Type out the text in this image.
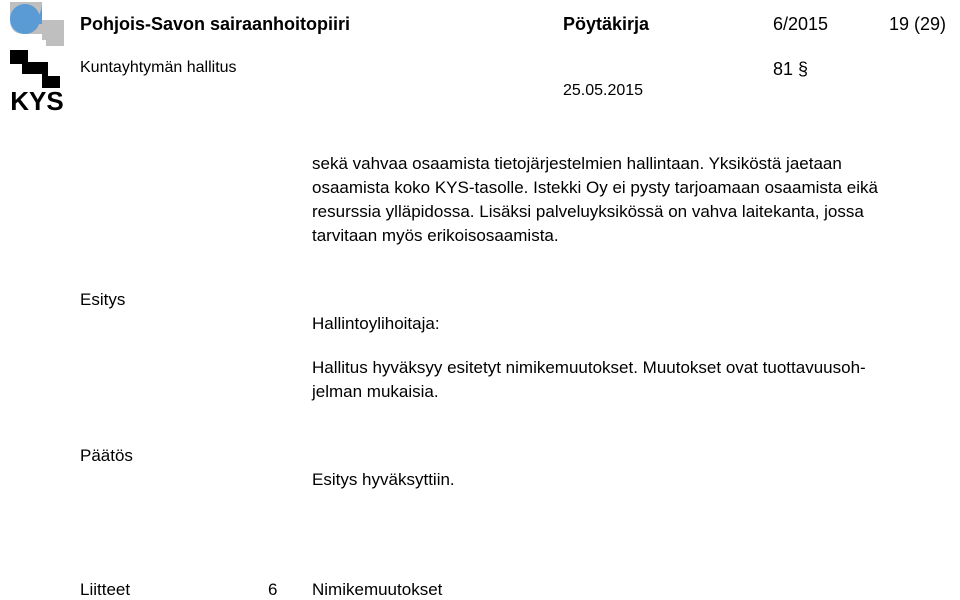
KYS
Pohjois-Savon sairaanhoitopiiri	Pöytäkirja	6/2015	19 (29)
Kuntayhtymän hallitus	81 §
25.05.2015
sekä vahvaa osaamista tietojärjestelmien hallintaan. Yksiköstä jaetaan
osaamista koko KYS-tasolle. Istekki Oy ei pysty tarjoamaan osaamista eikä
resurssia ylläpidossa. Lisäksi palveluyksikössä on vahva laitekanta, jossa
tarvitaan myös erikoisosaamista.
Esitys
Hallintoylihoitaja:
Hallitus hyväksyy esitetyt nimikemuutokset. Muutokset ovat tuottavuusoh-
jelman mukaisia.
Päätös
Esitys hyväksyttiin.
Liitteet	6 Nimikemuutokset
